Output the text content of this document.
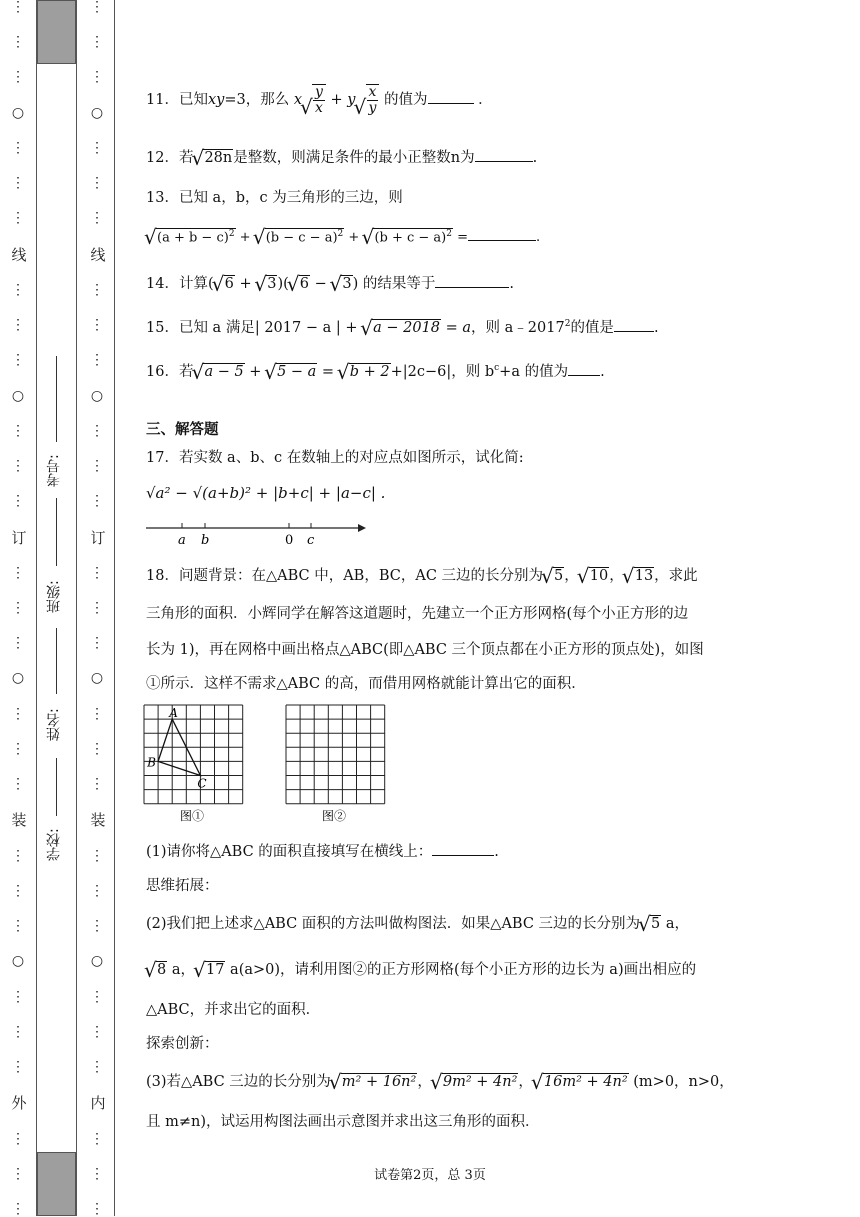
⋮
⋮
⋮
○
⋮
⋮
⋮
线
⋮
⋮
⋮
○
⋮
⋮
⋮
订
⋮
⋮
⋮
○
⋮
⋮
⋮
装
⋮
⋮
⋮
○
⋮
⋮
⋮
外
⋮
⋮
⋮
⋮
⋮
⋮
○
⋮
⋮
⋮
线
⋮
⋮
⋮
○
⋮
⋮
⋮
订
⋮
⋮
⋮
○
⋮
⋮
⋮
装
⋮
⋮
⋮
○
⋮
⋮
⋮
内
⋮
⋮
⋮
学校:
姓名:
班级:
考号:
11．已知xy=3，那么 x √ $\frac{y}{x} + y$ √ $\frac{x}{y}$ 的值为	．
12．若 √ 28n是整数，则满足条件的最小正整数n为	.
13．已知 a，b，c 为三角形的三边，则
√ $(a + b - c)^2$ + √ $(b - c - a)^2$ + √ $(b + c - a)^2$ =	.
14．计算( √ 6 + √ 3)( √ 6 − √ 3) 的结果等于	.
15．已知 a 满足| 2017 − a | + √ a − 2018 = a，则 a﹣2017$^2$的值是	.
16．若 √ a − 5 + √ 5 − a = √ b + 2+|2c−6|，则 $b^c+a$ 的值为 .
三、解答题
17．若实数 a、b、c 在数轴上的对应点如图所示，试化简:
√a² − √(a+b)² + |b+c| + |a−c| .
a b	0 c
18．问题背景：在△ABC 中，AB，BC，AC 三边的长分别为 √ 5， √ 10， √ 13，求此
三角形的面积．小辉同学在解答这道题时，先建立一个正方形网格(每个小正方形的边
长为 1)，再在网格中画出格点△ABC(即△ABC 三个顶点都在小正方形的顶点处)，如图
①所示．这样不需求△ABC 的高，而借用网格就能计算出它的面积．
图①
A
B
C
图②
(1)请你将△ABC 的面积直接填写在横线上：	.
思维拓展：
(2)我们把上述求△ABC 面积的方法叫做构图法．如果△ABC 三边的长分别为 √ 5 a，
√ 8 a， √ 17 a(a>0)，请利用图②的正方形网格(每个小正方形的边长为 a)画出相应的
△ABC，并求出它的面积．
探索创新：
(3)若△ABC 三边的长分别为 √ m² + 16n²， √ 9m² + 4n²， √ 16m² + 4n² (m>0，n>0，
且 m≠n)，试运用构图法画出示意图并求出这三角形的面积．
试卷第2页，总 3页
